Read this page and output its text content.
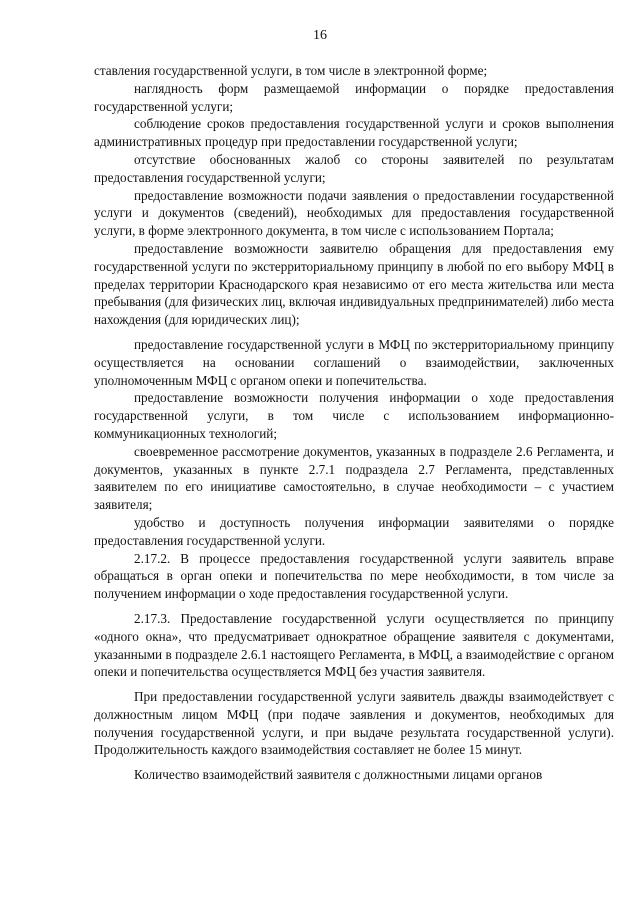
16

ставления государственной услуги, в том числе в электронной форме;

наглядность форм размещаемой информации о порядке предоставления государственной услуги;

соблюдение сроков предоставления государственной услуги и сроков выполнения административных процедур при предоставлении государственной услуги;

отсутствие обоснованных жалоб со стороны заявителей по результатам предоставления государственной услуги;

предоставление возможности подачи заявления о предоставлении государственной услуги и документов (сведений), необходимых для предоставления государственной услуги, в форме электронного документа, в том числе с использованием Портала;

предоставление возможности заявителю обращения для предоставления ему государственной услуги по экстерриториальному принципу в любой по его выбору МФЦ в пределах территории Краснодарского края независимо от его места жительства или места пребывания (для физических лиц, включая индивидуальных предпринимателей) либо места нахождения (для юридических лиц);

предоставление государственной услуги в МФЦ по экстерриториальному принципу осуществляется на основании соглашений о взаимодействии, заключенных уполномоченным МФЦ с органом опеки и попечительства.

предоставление возможности получения информации о ходе предоставления государственной услуги, в том числе с использованием информационно-коммуникационных технологий;

своевременное рассмотрение документов, указанных в подразделе 2.6 Регламента, и документов, указанных в пункте 2.7.1 подраздела 2.7 Регламента, представленных заявителем по его инициативе самостоятельно, в случае необходимости – с участием заявителя;

удобство и доступность получения информации заявителями о порядке предоставления государственной услуги.

2.17.2. В процессе предоставления государственной услуги заявитель вправе обращаться в орган опеки и попечительства по мере необходимости, в том числе за получением информации о ходе предоставления государственной услуги.

2.17.3. Предоставление государственной услуги осуществляется по принципу «одного окна», что предусматривает однократное обращение заявителя с документами, указанными в подразделе 2.6.1 настоящего Регламента, в МФЦ, а взаимодействие с органом опеки и попечительства осуществляется МФЦ без участия заявителя.

При предоставлении государственной услуги заявитель дважды взаимодействует с должностным лицом МФЦ (при подаче заявления и документов, необходимых для получения государственной услуги, и при выдаче результата государственной услуги). Продолжительность каждого взаимодействия составляет не более 15 минут.

Количество взаимодействий заявителя с должностными лицами органов
